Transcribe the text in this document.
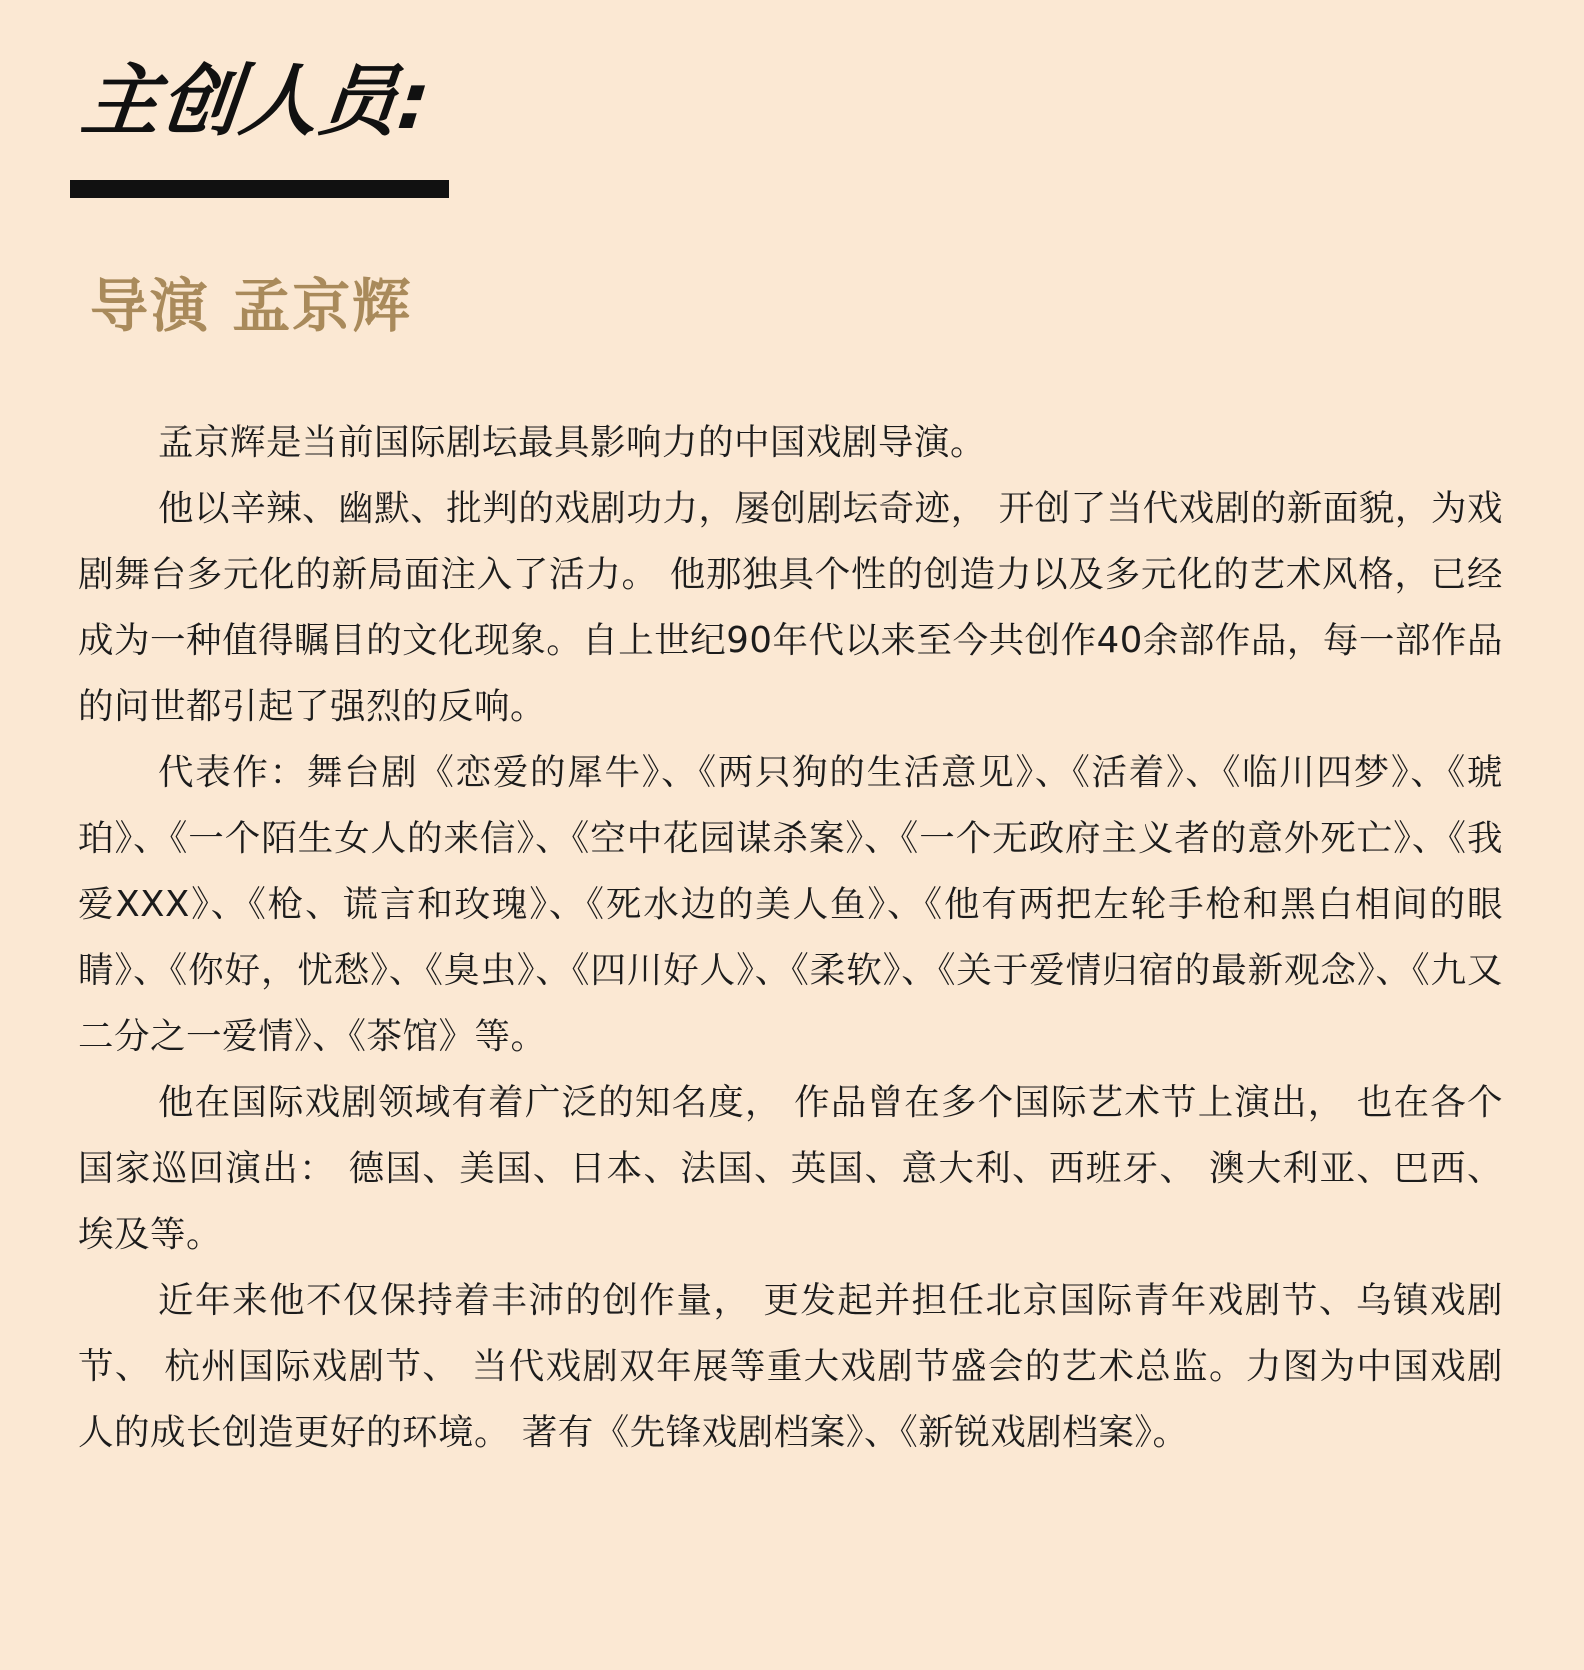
主创人员:
导演 孟京辉

孟京辉是当前国际剧坛最具影响力的中国戏剧导演。

他以辛辣、幽默、批判的戏剧功力，屡创剧坛奇迹， 开创了当代戏剧的新面貌，为戏剧舞台多元化的新局面注入了活力。 他那独具个性的创造力以及多元化的艺术风格，已经成为一种值得瞩目的文化现象。自上世纪90年代以来至今共创作40余部作品，每一部作品的问世都引起了强烈的反响。

代表作：舞台剧《恋爱的犀牛》、《两只狗的生活意见》、《活着》、《临川四梦》、《琥珀》、《一个陌生女人的来信》、《空中花园谋杀案》、《一个无政府主义者的意外死亡》、《我爱XXX》、《枪、谎言和玫瑰》、《死水边的美人鱼》、《他有两把左轮手枪和黑白相间的眼睛》、《你好，忧愁》、《臭虫》、《四川好人》、《柔软》、《关于爱情归宿的最新观念》、《九又二分之一爱情》、《茶馆》等。

他在国际戏剧领域有着广泛的知名度， 作品曾在多个国际艺术节上演出， 也在各个国家巡回演出： 德国、美国、日本、法国、英国、意大利、西班牙、 澳大利亚、巴西、埃及等。

近年来他不仅保持着丰沛的创作量， 更发起并担任北京国际青年戏剧节、乌镇戏剧节、 杭州国际戏剧节、 当代戏剧双年展等重大戏剧节盛会的艺术总监。力图为中国戏剧人的成长创造更好的环境。 著有《先锋戏剧档案》、《新锐戏剧档案》。
